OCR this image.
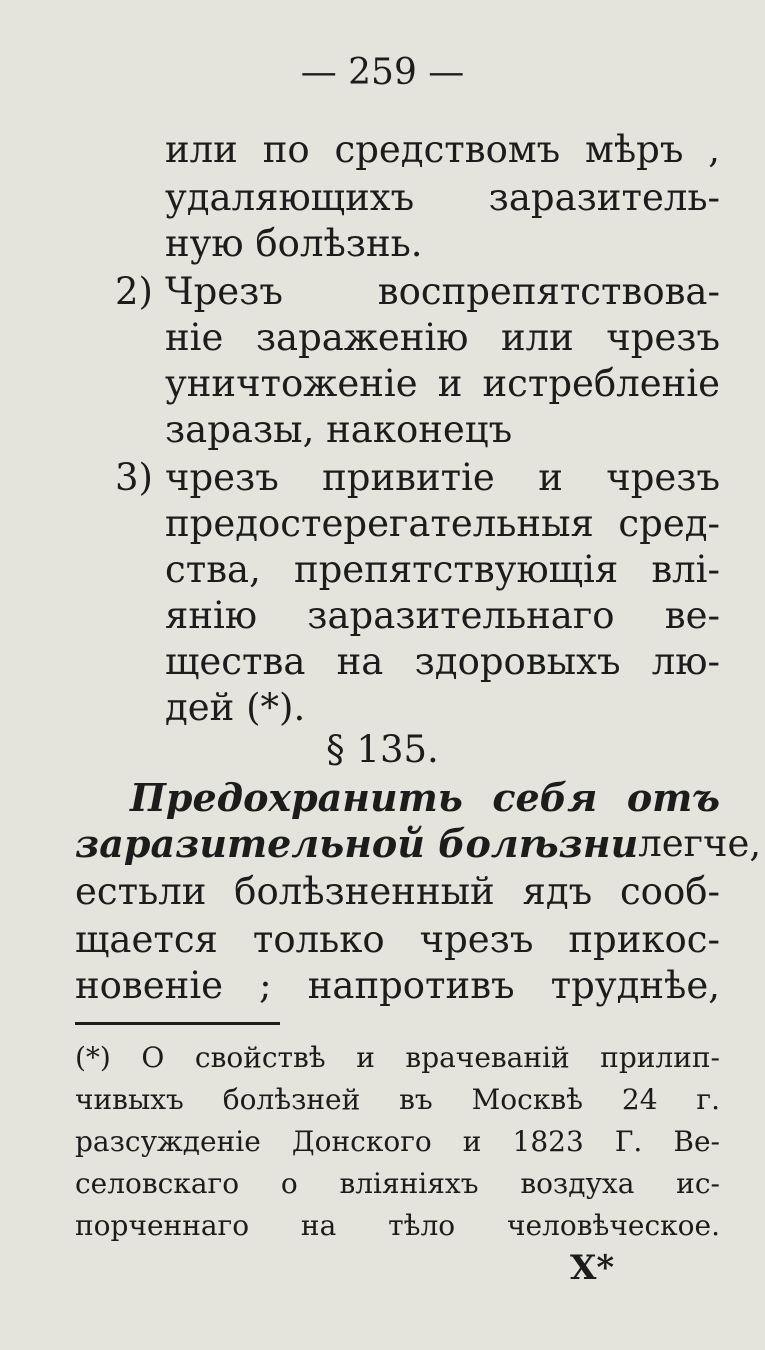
— 259 —
или по средствомъ мѣръ ,
удаляющихъ заразитель-
ную болѣзнь.
2) Чрезъ воспрепятствова-
ніе зараженію или чрезъ
уничтоженіе и истребленіе
заразы, наконецъ
3) чрезъ привитіе и чрезъ
предостерегательныя сред-
ства, препятствующія влі-
янію заразительнаго ве-
щества на здоровыхъ лю-
дей (*).
§ 135.
Предохранить себя отъ
заразительной болѣзни легче,
естьли болѣзненный ядъ сооб-
щается только чрезъ прикос-
новеніе ; напротивъ труднѣе,
(*) О свойствѣ и врачеваній прилип-
чивыхъ болѣзней въ Москвѣ 24 г.
разсужденіе Донского и 1823 Г. Ве-
селовскаго о вліяніяхъ воздуха ис-
порченнаго на тѣло человѣческое.
X*
